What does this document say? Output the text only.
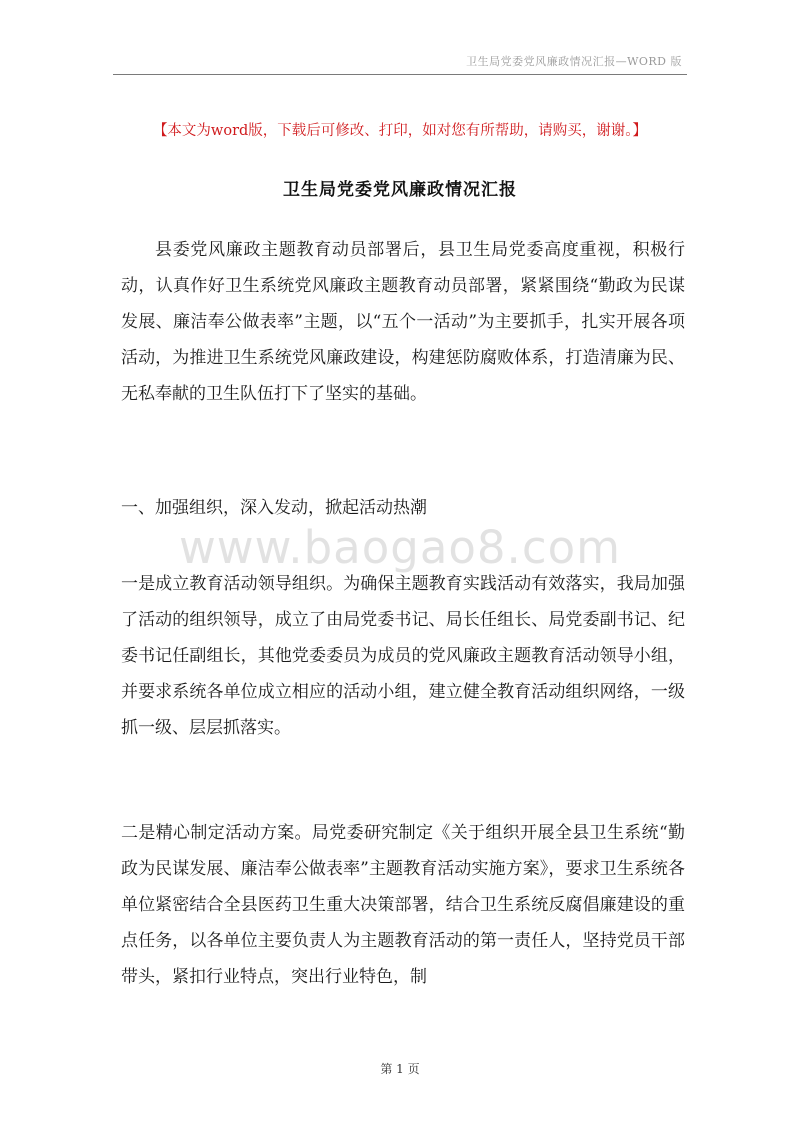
卫生局党委党风廉政情况汇报—WORD 版
【本文为word版，下载后可修改、打印，如对您有所帮助，请购买，谢谢。】
卫生局党委党风廉政情况汇报

县委党风廉政主题教育动员部署后，县卫生局党委高度重视，积极行动，认真作好卫生系统党风廉政主题教育动员部署，紧紧围绕“勤政为民谋发展、廉洁奉公做表率”主题，以“五个一活动”为主要抓手，扎实开展各项活动，为推进卫生系统党风廉政建设，构建惩防腐败体系，打造清廉为民、无私奉献的卫生队伍打下了坚实的基础。

一、加强组织，深入发动，掀起活动热潮
www.baogao8.com

一是成立教育活动领导组织。为确保主题教育实践活动有效落实，我局加强了活动的组织领导，成立了由局党委书记、局长任组长、局党委副书记、纪委书记任副组长，其他党委委员为成员的党风廉政主题教育活动领导小组，并要求系统各单位成立相应的活动小组，建立健全教育活动组织网络，一级抓一级、层层抓落实。

二是精心制定活动方案。局党委研究制定《关于组织开展全县卫生系统“勤政为民谋发展、廉洁奉公做表率”主题教育活动实施方案》，要求卫生系统各单位紧密结合全县医药卫生重大决策部署，结合卫生系统反腐倡廉建设的重点任务，以各单位主要负责人为主题教育活动的第一责任人，坚持党员干部带头，紧扣行业特点，突出行业特色，制

第 1 页
